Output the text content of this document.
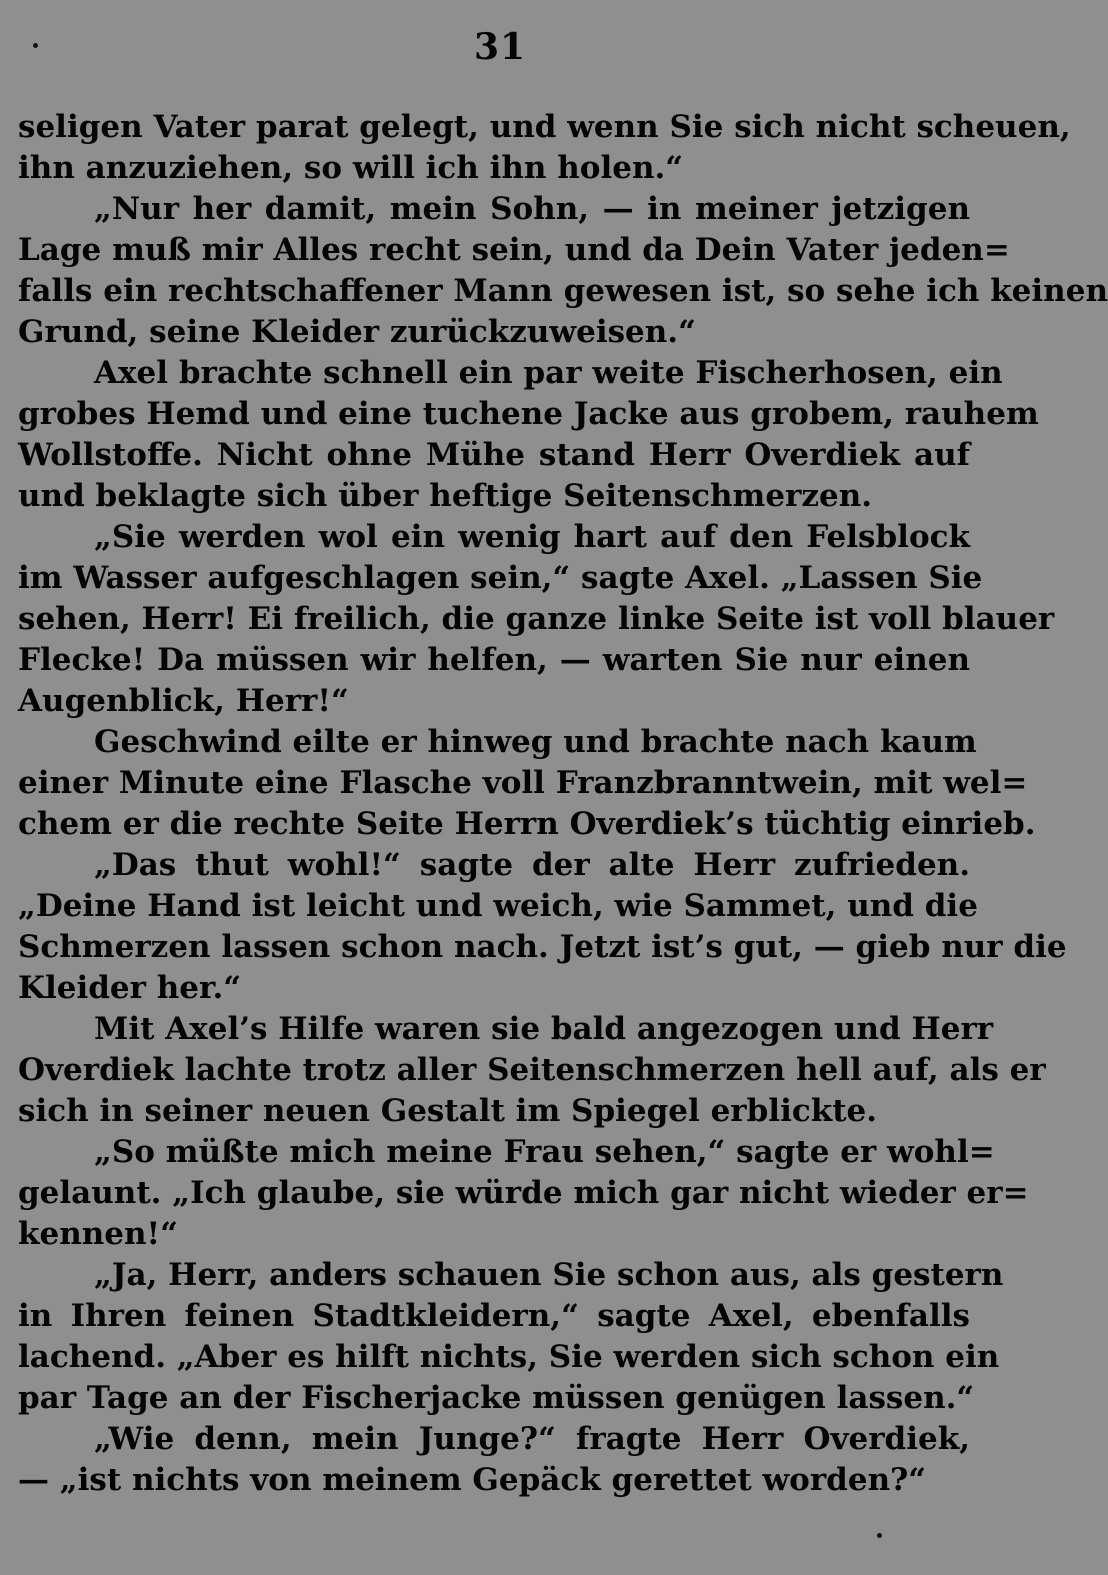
31
seligen Vater parat gelegt, und wenn Sie sich nicht scheuen,
ihn anzuziehen, so will ich ihn holen.“
„Nur her damit, mein Sohn, — in meiner jetzigen
Lage muß mir Alles recht sein, und da Dein Vater jeden=
falls ein rechtschaffener Mann gewesen ist, so sehe ich keinen
Grund, seine Kleider zurückzuweisen.“
Axel brachte schnell ein par weite Fischerhosen, ein
grobes Hemd und eine tuchene Jacke aus grobem, rauhem
Wollstoffe. Nicht ohne Mühe stand Herr Overdiek auf
und beklagte sich über heftige Seitenschmerzen.
„Sie werden wol ein wenig hart auf den Felsblock
im Wasser aufgeschlagen sein,“ sagte Axel. „Lassen Sie
sehen, Herr! Ei freilich, die ganze linke Seite ist voll blauer
Flecke! Da müssen wir helfen, — warten Sie nur einen
Augenblick, Herr!“
Geschwind eilte er hinweg und brachte nach kaum
einer Minute eine Flasche voll Franzbranntwein, mit wel=
chem er die rechte Seite Herrn Overdiek’s tüchtig einrieb.
„Das thut wohl!“ sagte der alte Herr zufrieden.
„Deine Hand ist leicht und weich, wie Sammet, und die
Schmerzen lassen schon nach. Jetzt ist’s gut, — gieb nur die
Kleider her.“
Mit Axel’s Hilfe waren sie bald angezogen und Herr
Overdiek lachte trotz aller Seitenschmerzen hell auf, als er
sich in seiner neuen Gestalt im Spiegel erblickte.
„So müßte mich meine Frau sehen,“ sagte er wohl=
gelaunt. „Ich glaube, sie würde mich gar nicht wieder er=
kennen!“
„Ja, Herr, anders schauen Sie schon aus, als gestern
in Ihren feinen Stadtkleidern,“ sagte Axel, ebenfalls
lachend. „Aber es hilft nichts, Sie werden sich schon ein
par Tage an der Fischerjacke müssen genügen lassen.“
„Wie denn, mein Junge?“ fragte Herr Overdiek,
— „ist nichts von meinem Gepäck gerettet worden?“
